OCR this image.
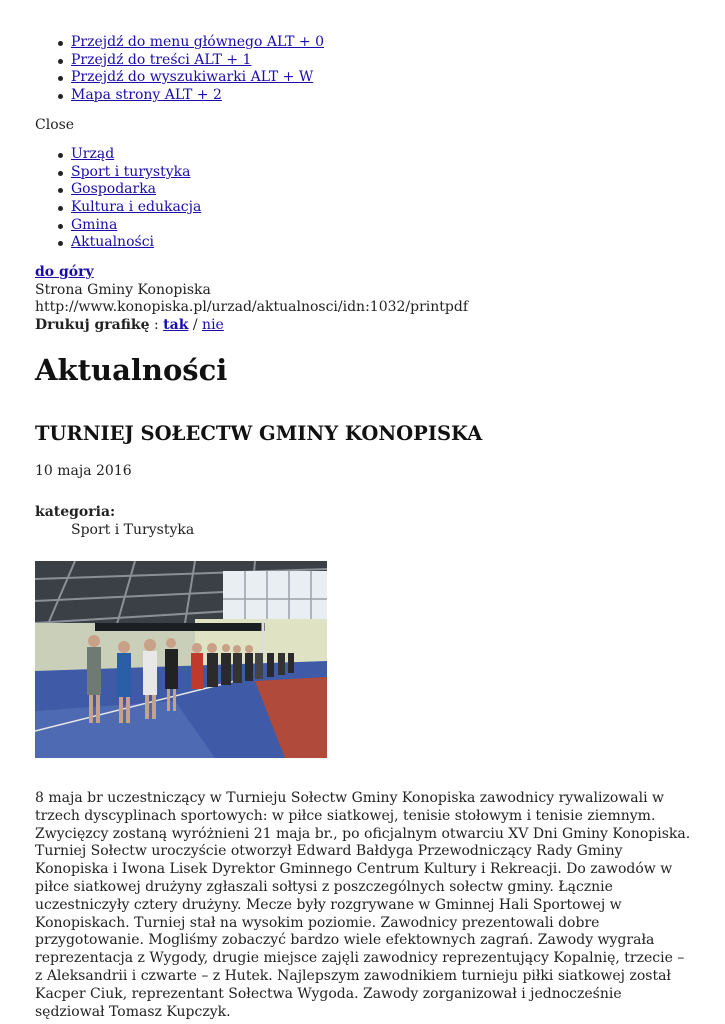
Przejdź do menu głównego ALT + 0
Przejdź do treści ALT + 1
Przejdź do wyszukiwarki ALT + W
Mapa strony ALT + 2
Close
Urząd
Sport i turystyka
Gospodarka
Kultura i edukacja
Gmina
Aktualności
do góry
Strona Gminy Konopiska
http://www.konopiska.pl/urzad/aktualnosci/idn:1032/printpdf
Drukuj grafikę : tak / nie
Aktualności
TURNIEJ SOŁECTW GMINY KONOPISKA
10 maja 2016
kategoria:
Sport i Turystyka

8 maja br uczestniczący w Turnieju Sołectw Gminy Konopiska zawodnicy rywalizowali w trzech dyscyplinach sportowych: w piłce siatkowej, tenisie stołowym i tenisie ziemnym. Zwycięzcy zostaną wyróżnieni 21 maja br., po oficjalnym otwarciu XV Dni Gminy Konopiska. Turniej Sołectw uroczyście otworzył Edward Bałdyga Przewodniczący Rady Gminy Konopiska i Iwona Lisek Dyrektor Gminnego Centrum Kultury i Rekreacji. Do zawodów w piłce siatkowej drużyny zgłaszali sołtysi z poszczególnych sołectw gminy. Łącznie uczestniczyły cztery drużyny. Mecze były rozgrywane w Gminnej Hali Sportowej w Konopiskach. Turniej stał na wysokim poziomie. Zawodnicy prezentowali dobre przygotowanie. Mogliśmy zobaczyć bardzo wiele efektownych zagrań. Zawody wygrała reprezentacja z Wygody, drugie miejsce zajęli zawodnicy reprezentujący Kopalnię, trzecie – z Aleksandrii i czwarte – z Hutek. Najlepszym zawodnikiem turnieju piłki siatkowej został Kacper Ciuk, reprezentant Sołectwa Wygoda. Zawody zorganizował i jednocześnie sędziował Tomasz Kupczyk.
